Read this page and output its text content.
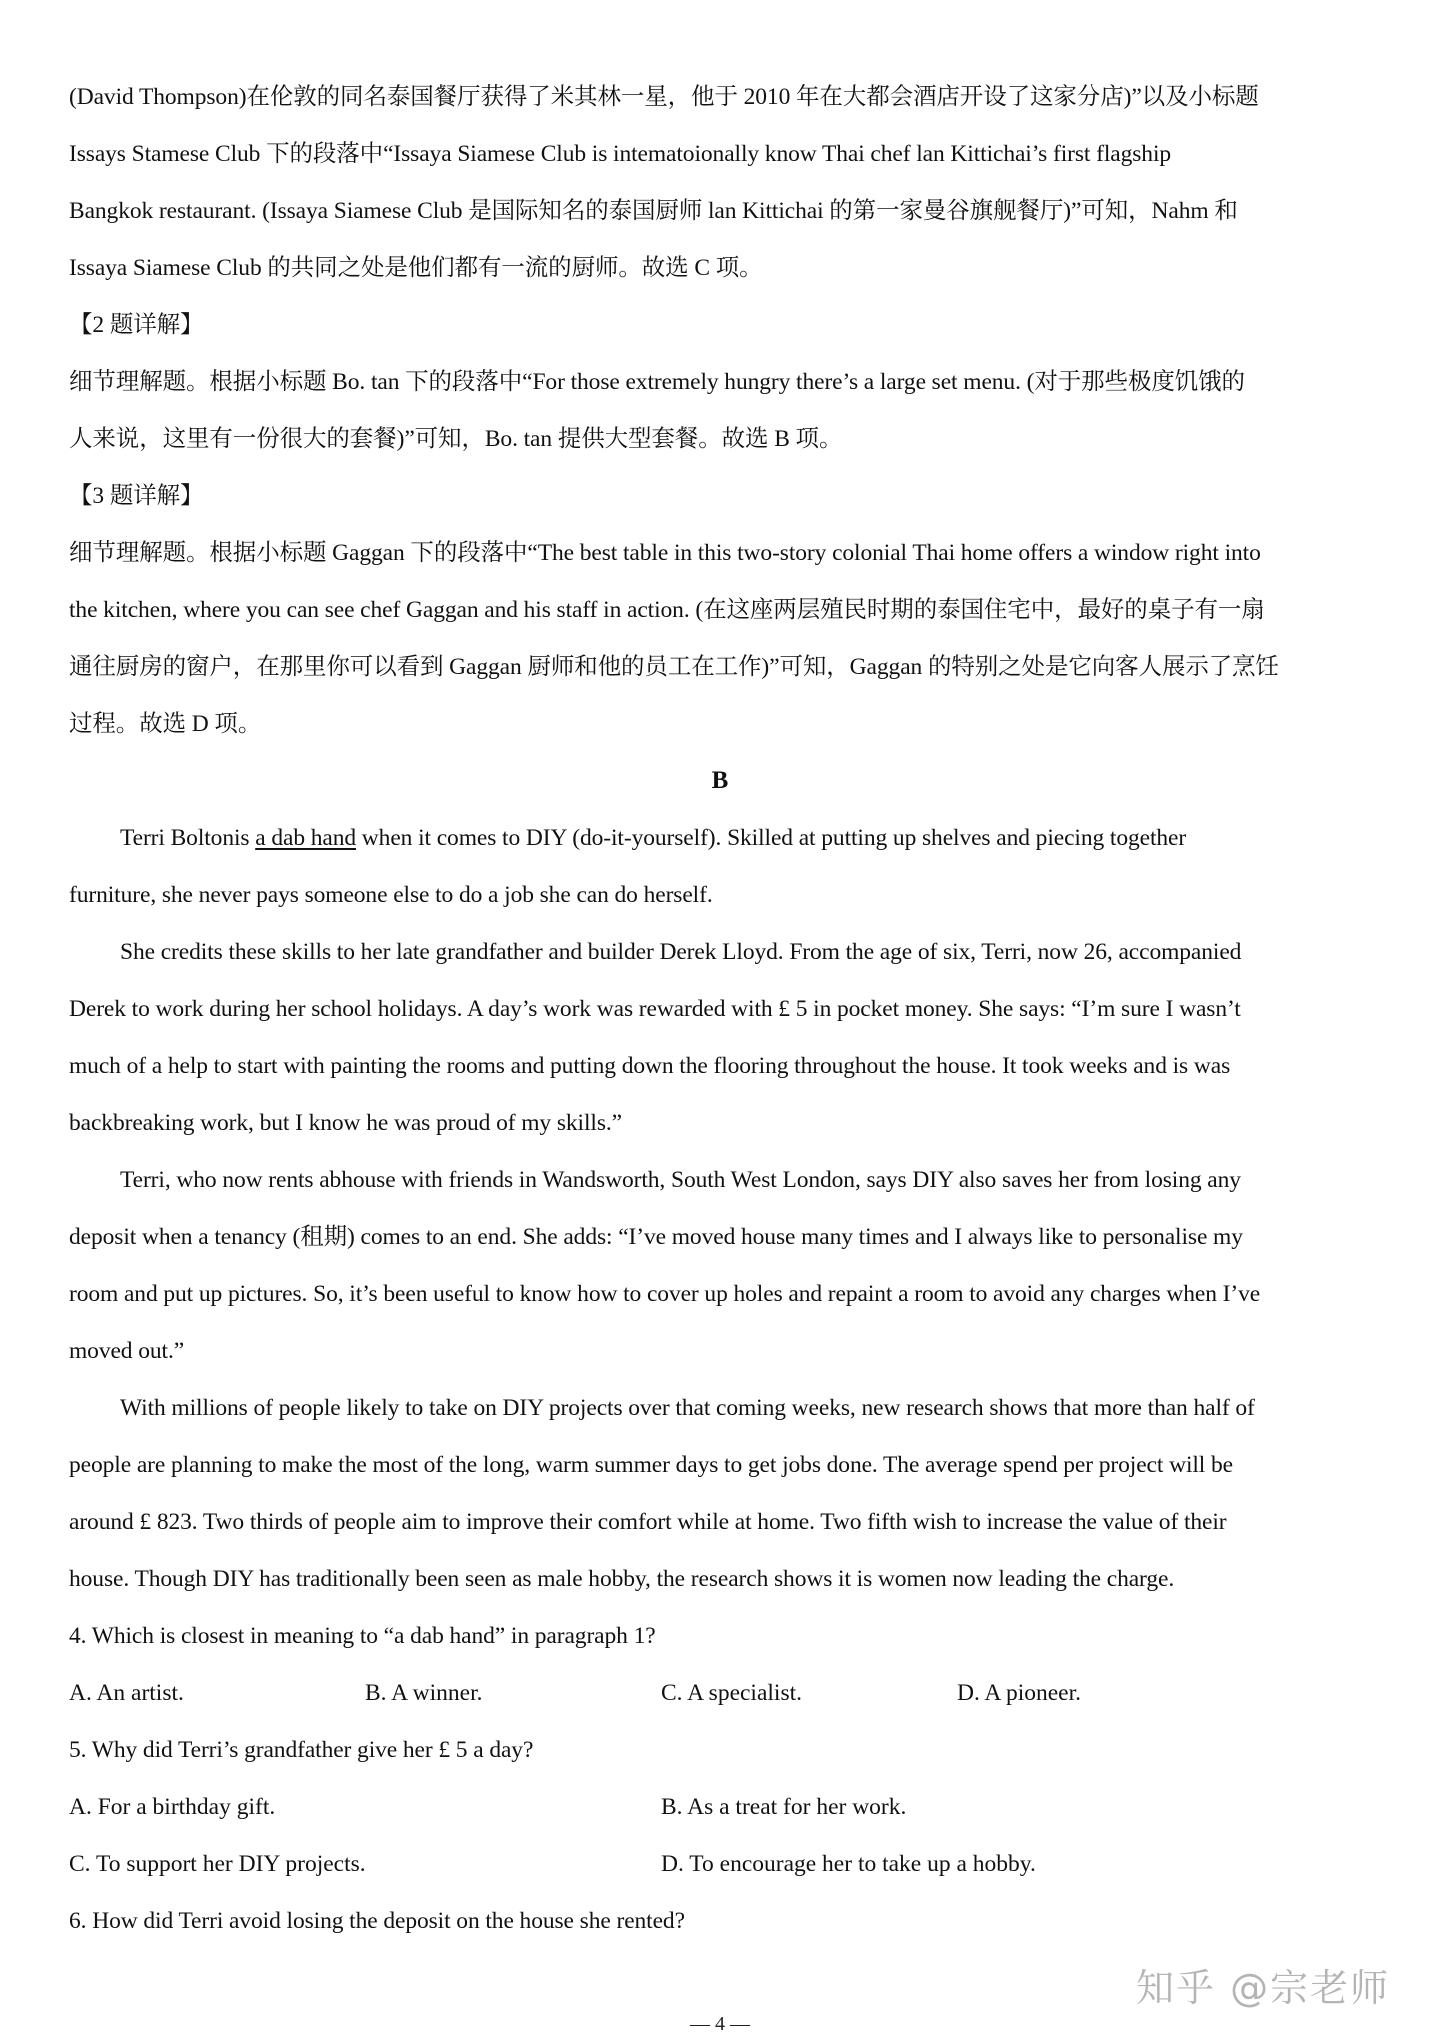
(David Thompson)在伦敦的同名泰国餐厅获得了米其林一星，他于 2010 年在大都会酒店开设了这家分店)”以及小标题
Issays Stamese Club 下的段落中“Issaya Siamese Club is intematoionally know Thai chef lan Kittichai’s first flagship
Bangkok restaurant. (Issaya Siamese Club 是国际知名的泰国厨师 lan Kittichai 的第一家曼谷旗舰餐厅)”可知，Nahm 和
Issaya Siamese Club 的共同之处是他们都有一流的厨师。故选 C 项。
【2 题详解】
细节理解题。根据小标题 Bo. tan 下的段落中“For those extremely hungry there’s a large set menu. (对于那些极度饥饿的
人来说，这里有一份很大的套餐)”可知，Bo. tan 提供大型套餐。故选 B 项。
【3 题详解】
细节理解题。根据小标题 Gaggan 下的段落中“The best table in this two-story colonial Thai home offers a window right into
the kitchen, where you can see chef Gaggan and his staff in action. (在这座两层殖民时期的泰国住宅中，最好的桌子有一扇
通往厨房的窗户，在那里你可以看到 Gaggan 厨师和他的员工在工作)”可知，Gaggan 的特别之处是它向客人展示了烹饪
过程。故选 D 项。
B
Terri Boltonis a dab hand when it comes to DIY (do-it-yourself). Skilled at putting up shelves and piecing together
furniture, she never pays someone else to do a job she can do herself.
She credits these skills to her late grandfather and builder Derek Lloyd. From the age of six, Terri, now 26, accompanied
Derek to work during her school holidays. A day’s work was rewarded with £ 5 in pocket money. She says: “I’m sure I wasn’t
much of a help to start with painting the rooms and putting down the flooring throughout the house. It took weeks and is was
backbreaking work, but I know he was proud of my skills.”
Terri, who now rents abhouse with friends in Wandsworth, South West London, says DIY also saves her from losing any
deposit when a tenancy (租期) comes to an end. She adds: “I’ve moved house many times and I always like to personalise my
room and put up pictures. So, it’s been useful to know how to cover up holes and repaint a room to avoid any charges when I’ve
moved out.”
With millions of people likely to take on DIY projects over that coming weeks, new research shows that more than half of
people are planning to make the most of the long, warm summer days to get jobs done. The average spend per project will be
around £ 823. Two thirds of people aim to improve their comfort while at home. Two fifth wish to increase the value of their
house. Though DIY has traditionally been seen as male hobby, the research shows it is women now leading the charge.
4. Which is closest in meaning to “a dab hand” in paragraph 1?
A. An artist.	B. A winner.	C. A specialist.	D. A pioneer.
5. Why did Terri’s grandfather give her £ 5 a day?
A. For a birthday gift.	B. As a treat for her work.
C. To support her DIY projects.	D. To encourage her to take up a hobby.
6. How did Terri avoid losing the deposit on the house she rented?
知乎 @宗老师
— 4 —
